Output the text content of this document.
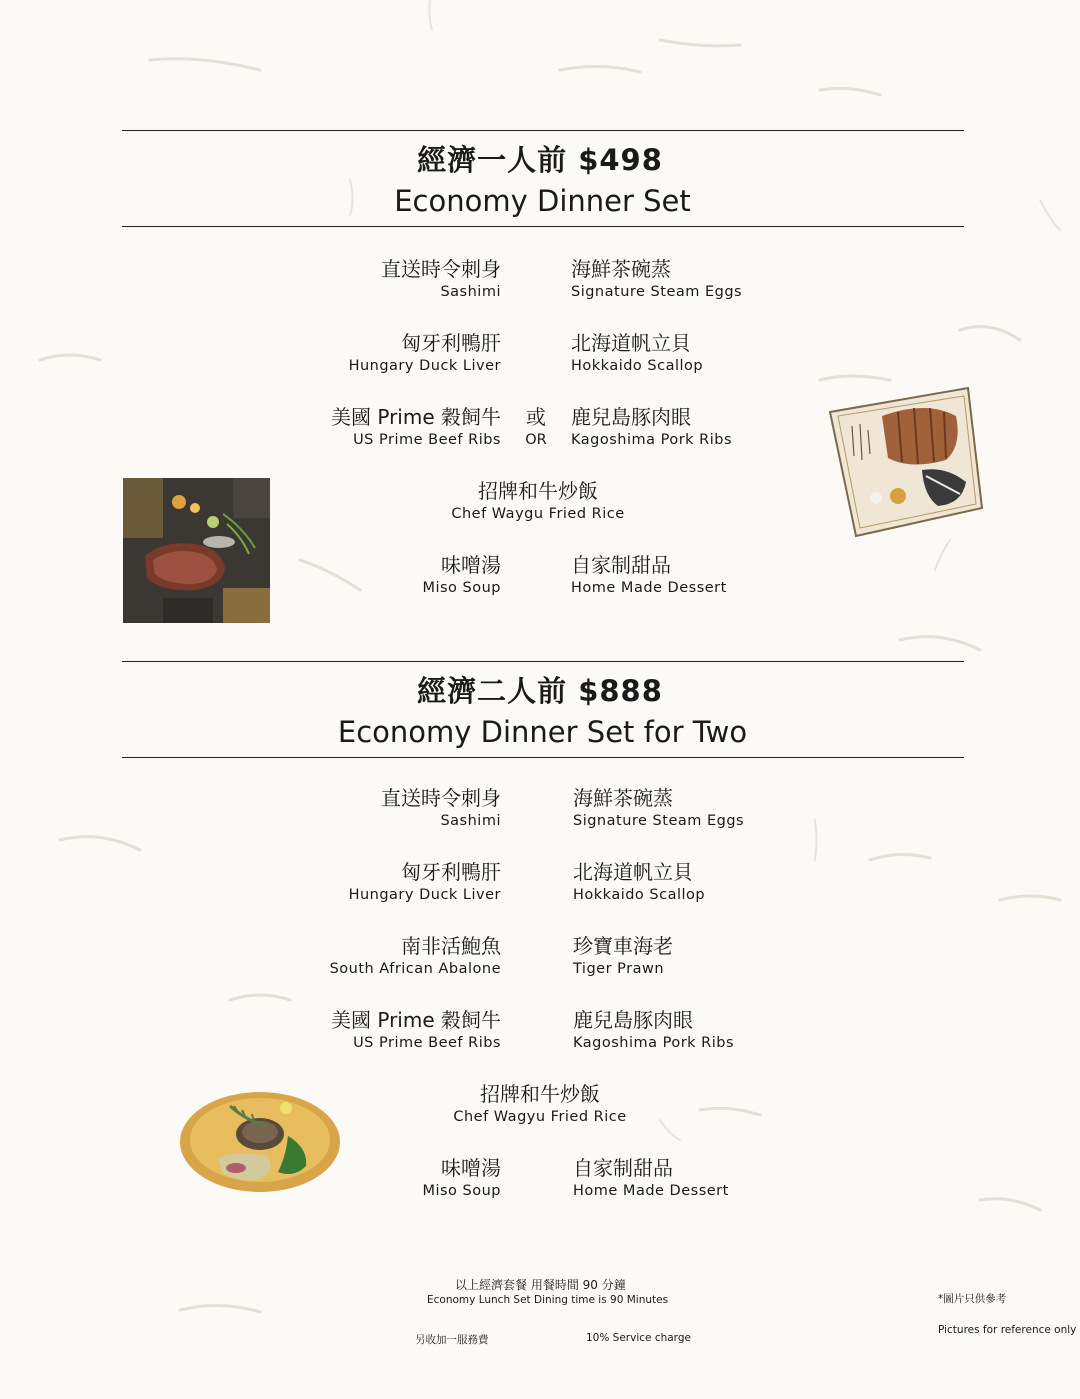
經濟一人前 $498
Economy Dinner Set
直送時令刺身
Sashimi
海鮮茶碗蒸
Signature Steam Eggs
匈牙利鴨肝
Hungary Duck Liver
北海道帆立貝
Hokkaido Scallop
美國 Prime 穀飼牛
US Prime Beef Ribs
或
OR
鹿兒島豚肉眼
Kagoshima Pork Ribs
招牌和牛炒飯
Chef Waygu Fried Rice
味噌湯
Miso Soup
自家制甜品
Home Made Dessert
經濟二人前 $888
Economy Dinner Set for Two
直送時令刺身
Sashimi
海鮮茶碗蒸
Signature Steam Eggs
匈牙利鴨肝
Hungary Duck Liver
北海道帆立貝
Hokkaido Scallop
南非活鮑魚
South African Abalone
珍寶車海老
Tiger Prawn
美國 Prime 穀飼牛
US Prime Beef Ribs
鹿兒島豚肉眼
Kagoshima Pork Ribs
招牌和牛炒飯
Chef Wagyu Fried Rice
味噌湯
Miso Soup
自家制甜品
Home Made Dessert
以上經濟套餐 用餐時間 90 分鐘
Economy Lunch Set Dining time is 90 Minutes
另收加一服務費	10% Service charge
*圖片只供參考
Pictures for reference only
